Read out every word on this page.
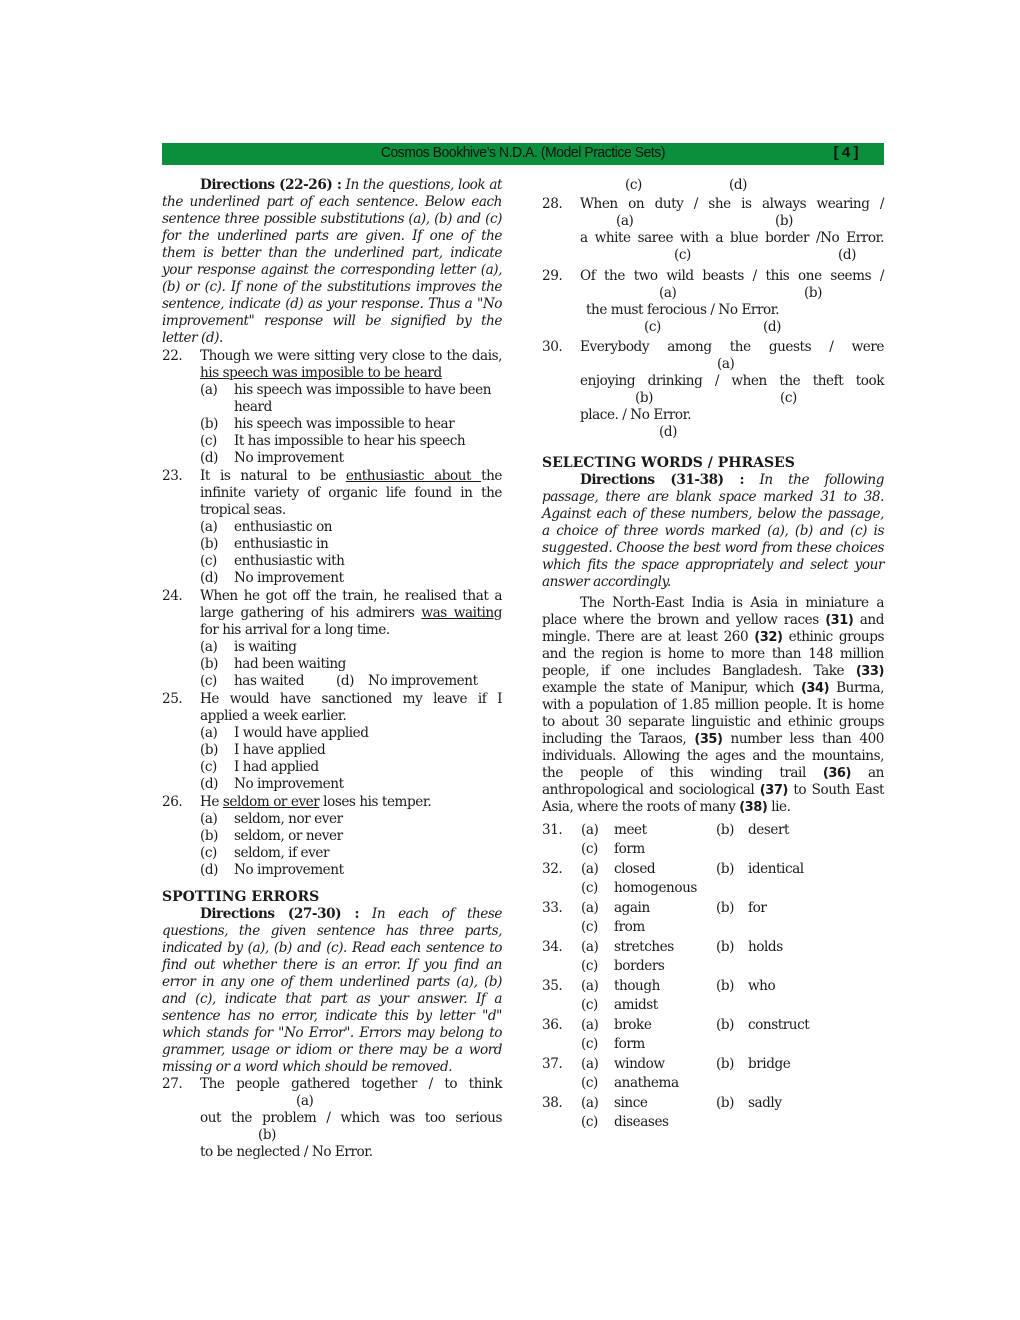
Cosmos Bookhive’s N.D.A. (Model Practice Sets)	[ 4 ]
Directions (22-26) : In the questions, look at the underlined part of each sentence. Below each sentence three possible substitutions (a), (b) and (c) for the underlined parts are given. If one of the them is better than the underlined part, indicate your response against the corresponding letter (a), (b) or (c). If none of the substitutions improves the sentence, indicate (d) as your response. Thus a "No improvement" response will be signified by the letter (d).
22. Though we were sitting very close to the dais, his speech was imposible to be heard
(a) his speech was impossible to have been heard
(b) his speech was impossible to hear
(c) It has impossible to hear his speech
(d) No improvement
23. It is natural to be enthusiastic about the infinite variety of organic life found in the tropical seas.
(a) enthusiastic on
(b) enthusiastic in
(c) enthusiastic with
(d) No improvement
24. When he got off the train, he realised that a large gathering of his admirers was waiting for his arrival for a long time.
(a) is waiting
(b) had been waiting
(c) has waited (d) No improvement
25. He would have sanctioned my leave if I applied a week earlier.
(a) I would have applied
(b) I have applied
(c) I had applied
(d) No improvement
26. He seldom or ever loses his temper.
(a) seldom, nor ever
(b) seldom, or never
(c) seldom, if ever
(d) No improvement
SPOTTING ERRORS
Directions (27-30) : In each of these questions, the given sentence has three parts, indicated by (a), (b) and (c). Read each sentence to find out whether there is an error. If you find an error in any one of them underlined parts (a), (b) and (c), indicate that part as your answer. If a sentence has no error, indicate this by letter "d" which stands for "No Error". Errors may belong to grammer, usage or idiom or there may be a word missing or a word which should be removed.
27. The people gathered together / to think
(a)
out the problem / which was too serious
(b)
to be neglected / No Error.
(c)	(d)
28. When on duty / she is always wearing /
(a)	(b)
a white saree with a blue border /No Error.
(c)	(d)
29. Of the two wild beasts / this one seems /
(a)	(b)
the must ferocious / No Error.
(c)	(d)
30. Everybody among the guests / were
(a)
enjoying drinking / when the theft took
(b)	(c)
place. / No Error.
(d)
SELECTING WORDS / PHRASES
Directions (31-38) : In the following passage, there are blank space marked 31 to 38. Against each of these numbers, below the passage, a choice of three words marked (a), (b) and (c) is suggested. Choose the best word from these choices which fits the space appropriately and select your answer accordingly.
The North-East India is Asia in miniature a place where the brown and yellow races (31) and mingle. There are at least 260 (32) ethinic groups and the region is home to more than 148 million people, if one includes Bangladesh. Take (33) example the state of Manipur, which (34) Burma, with a population of 1.85 million people. It is home to about 30 separate linguistic and ethinic groups including the Taraos, (35) number less than 400 individuals. Allowing the ages and the mountains, the people of this winding trail (36) an anthropological and sociological (37) to South East Asia, where the roots of many (38) lie.
31. (a) meet	(b) desert
(c) form
32. (a) closed	(b) identical
(c) homogenous
33. (a) again	(b) for
(c) from
34. (a) stretches	(b) holds
(c) borders
35. (a) though	(b) who
(c) amidst
36. (a) broke	(b) construct
(c) form
37. (a) window	(b) bridge
(c) anathema
38. (a) since	(b) sadly
(c) diseases
